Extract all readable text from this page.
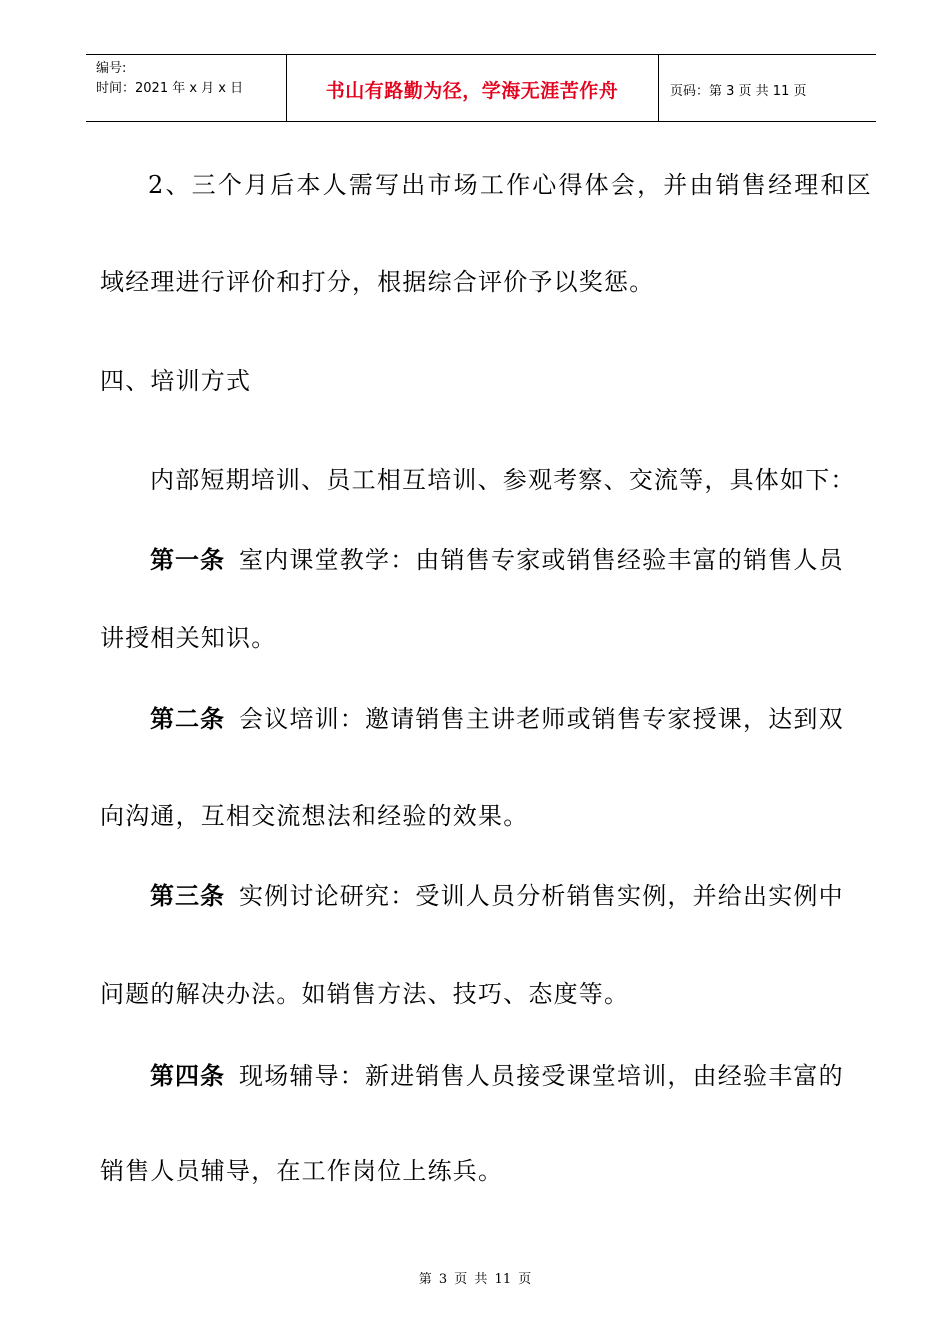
编号:
时间：2021 年 x 月 x 日	书山有路勤为径，学海无涯苦作舟	页码：第 3 页 共 11 页
2、三个月后本人需写出市场工作心得体会，并由销售经理和区
域经理进行评价和打分，根据综合评价予以奖惩。
四、培训方式
内部短期培训、员工相互培训、参观考察、交流等，具体如下：
第一条 室内课堂教学：由销售专家或销售经验丰富的销售人员
讲授相关知识。
第二条 会议培训：邀请销售主讲老师或销售专家授课，达到双
向沟通，互相交流想法和经验的效果。
第三条 实例讨论研究：受训人员分析销售实例，并给出实例中
问题的解决办法。如销售方法、技巧、态度等。
第四条 现场辅导：新进销售人员接受课堂培训，由经验丰富的
销售人员辅导，在工作岗位上练兵。
第 3 页 共 11 页
